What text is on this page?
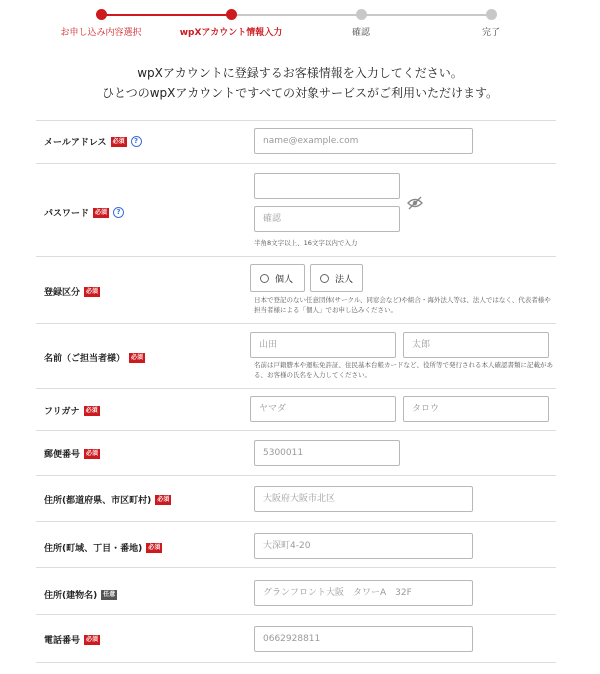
お申し込み内容選択	wpXアカウント情報入力	確認	完了
wpXアカウントに登録するお客様情報を入力してください。
ひとつのwpXアカウントですべての対象サービスがご利用いただけます。
メールアドレス	必須	?
name@example.com
パスワード	必須	?
半角8文字以上、16文字以内で入力
登録区分	必須
個人	法人
日本で登記のない任意団体(サークル、同窓会など)や組合・海外法人等は、法人ではなく、代表者様や担当者様による「個人」でお申し込みください。
名前（ご担当者様）	必須
山田
太郎
名前は戸籍謄本や運転免許証、住民基本台帳カードなど、役所等で発行される本人確認書類に記載がある、お客様の氏名を入力してください。
フリガナ	必須
ヤマダ
タロウ
郵便番号	必須
5300011
住所(都道府県、市区町村)	必須
大阪府大阪市北区
住所(町域、丁目・番地)	必須
大深町4-20
住所(建物名)	任意
グランフロント大阪　タワーA　32F
電話番号	必須
0662928811
